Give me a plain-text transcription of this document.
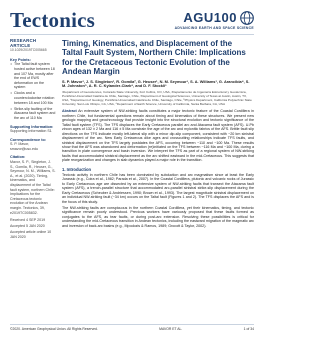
Tectonics	AGU100
ADVANCING EARTH AND SPACE SCIENCE
RESEARCH ARTICLE
10.1029/2019TC005665
Key Points:
• The Taltal fault system hosted active between 18 and 107 Ma, mostly after the end of EWS deformation on the system
• Clocks and a counterclockwise rotation between 18 and 100 Ma
• Strike-slip faulting of the Atacama fault system and the arc of 110 Ma
Supporting Information:
Supporting Information S1
Correspondence to:
S. P. Mavor, smavor@usc.edu
Citation:
Mavor, S. P., Singleton, J. S., Gomila, R., Heuser, G., Seymour, N. M., Williams, S. A., et al. (2020). Timing, kinematics, and displacement of the Taltal fault system, northern Chile: Implications for the Cretaceous tectonic evolution of the Andean margin. Tectonics, 39, e2019TC005832.
Received 4 SEP 2019
Accepted 5 JAN 2020
Accepted article online 10 JAN 2020
Timing, Kinematics, and Displacement of the Taltal Fault System, Northern Chile: Implications for the Cretaceous Tectonic Evolution of the Andean Margin
S. P. Mavor¹, J. S. Singleton¹, R. Gomila², G. Heuser¹, N. M. Seymour³, S. A. Williams¹, G. Arancibia⁴, S. M. Johnston⁵, A. R. C. Kylander-Clark⁶, and D. F. Stockli³
¹Department of Geosciences, Colorado State University, Fort Collins, CO, USA, ²Departamento de Ingeniería Estructural y Geotécnica, Pontificia Universidad Católica de Chile, Santiago, Chile, ³Department of Geological Sciences, University of Texas at Austin, Austin, TX, USA, ⁴Department of Geology, Pontificia Universidad Católica de Chile, Santiago, Chile, ⁵Physics Department, California Polytechnic State University, San Luis Obispo, CA, USA, ⁶Department of Earth Science, University of California, Santa Barbara, CA, USA

Abstract An extensive system of NW-striking faults constitutes a major tectonic feature of the Coastal Cordillera in northern Chile, but fundamental questions remain about timing and kinematics of these structures. We present new geologic mapping and geochronology that provide insight into the structural evolution and tectonic significance of the Taltal fault system (TFS). The TFS displaces the Early Cretaceous parallel arc and Atacama fault system (AFS). U-Pb zircon ages of 132 ± 2 Ma and 116 ± 5 Ma constrain the age of the arc and mylonitic fabrics of the AFS. Brittle fault slip directions on the TFS indicate mostly left-lateral slip with a minor dip-slip component, consistent with ~20 km sinistral displacement of the arc. New Early Cretaceous dike ages and crosscutting relationships indicate TFS faults, and sinistral displacement on the TFS largely postdates the AFS, occurring between ~110 and ~100 Ma. These results show that the AFS was abandoned and deformation (re)initiated on the TFS between ~116 Ma and ~100 Ma, during a transition in plate convergence and basin inversion. We interpret the TFS as part of a regional system of NW-striking faults that accommodated sinistral displacement as the arc shifted eastward in the mid-Cretaceous. This suggests that plate reorganization and changes in slab dynamics played a major role in the transition.

1. Introduction

Tectonic activity in northern Chile has been dominated by subduction and arc magmatism since at least the Early Jurassic (e.g., Coira et al., 1982; Parada et al., 2007). In the Coastal Cordillera, plutonic and volcanic rocks of Jurassic to Early Cretaceous age are dissected by an extensive system of NW-striking faults that transect the Atacama fault system (AFS), a trench-parallel structure that accommodated arc-parallel sinistral strike-slip displacement during the Early Cretaceous (Scheuber & Andriessen, 1990; Brown et al., 1993). The largest magnitude sinistral displacement on an individual NW-striking fault (~34 km) occurs on the Taltal fault (Figures 1 and 2). The TFS displaces the AFS and is the focus of this study.

The NW-striking faults are conspicuous in the northern Coastal Cordillera, yet their kinematics, timing, and tectonic significance remain poorly understood. Previous workers have variously proposed that these faults formed as conjugates to the AFS, as tear faults, or during post-arc extension. Resolving these possibilities is critical for understanding the mid-Cretaceous transition in Andean tectonics, including the eastward migration of the magmatic arc and inversion of back-arc basins (e.g., Mpodozis & Ramos, 1989; Grocott & Taylor, 2002).

©2020. American Geophysical Union. All Rights Reserved.	MAVOR ET AL.	1 of 34
